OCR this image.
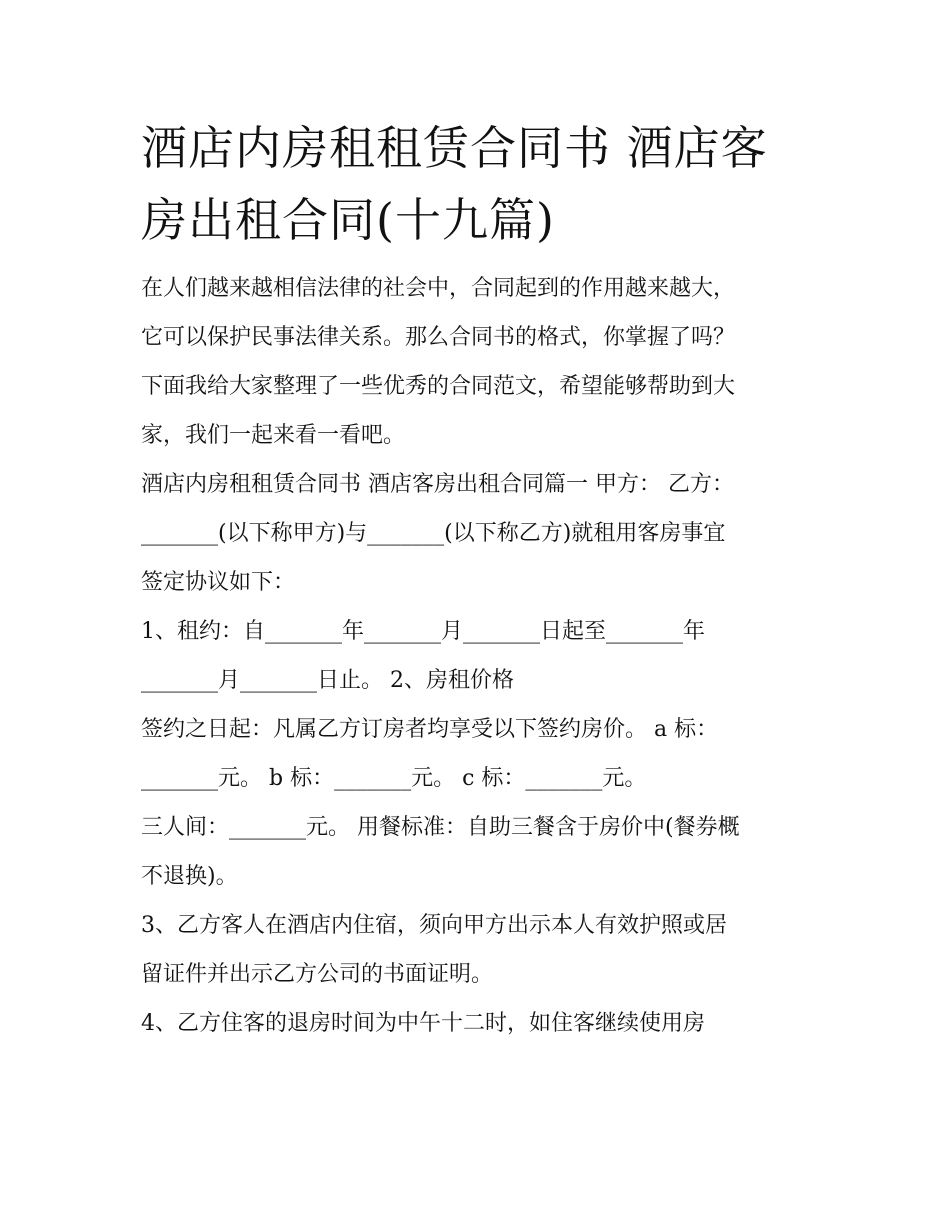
酒店内房租租赁合同书 酒店客
房出租合同(十九篇)

在人们越来越相信法律的社会中，合同起到的作用越来越大，

它可以保护民事法律关系。那么合同书的格式，你掌握了吗？

下面我给大家整理了一些优秀的合同范文，希望能够帮助到大

家，我们一起来看一看吧。

酒店内房租租赁合同书 酒店客房出租合同篇一 甲方： 乙方：

_______(以下称甲方)与_______(以下称乙方)就租用客房事宜

签定协议如下：

1、租约：自_______年_______月_______日起至_______年

_______月_______日止。 2、房租价格

签约之日起：凡属乙方订房者均享受以下签约房价。 a 标：

_______元。 b 标：_______元。 c 标：_______元。

三人间：_______元。 用餐标准：自助三餐含于房价中(餐券概

不退换)。

3、乙方客人在酒店内住宿，须向甲方出示本人有效护照或居

留证件并出示乙方公司的书面证明。

4、乙方住客的退房时间为中午十二时，如住客继续使用房
